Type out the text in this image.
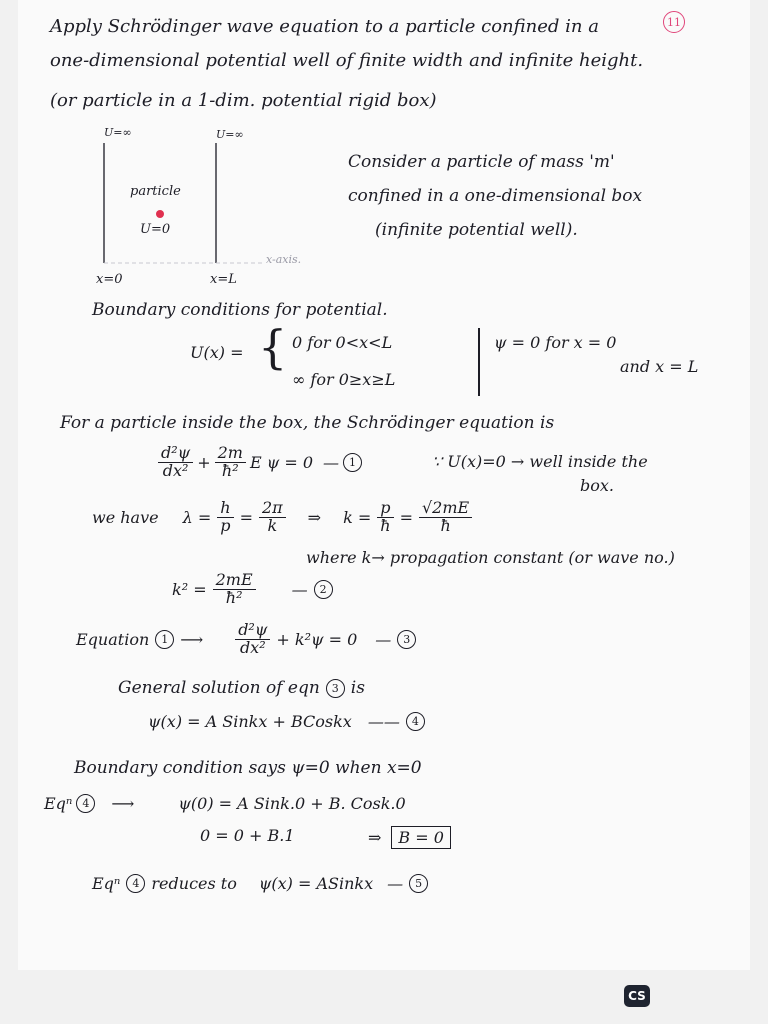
11
Apply Schrödinger wave equation to a particle confined in a
one-dimensional potential well of finite width and infinite height.
(or particle in a 1-dim. potential rigid box)
U=∞	U=∞
particle
U=0
x-axis.
x=0	x=L
Consider a particle of mass 'm'
confined in a one-dimensional box
(infinite potential well).
Boundary conditions for potential.
U(x) = { 0 for 0<x<L
∞ for 0≥x≥L
ψ = 0 for x = 0
and x = L
For a particle inside the box, the Schrödinger equation is
$\frac{\text{d²ψ}}{\text{dx²}} + \frac{2m}{\text{ħ²}}$ E ψ = 0 — 1	∵ U(x)=0 → well inside the
box.
we have $\lambda = \frac{h}{p} = \frac{2\pi}{k}$ ⇒ $k = \frac{p}{ħ} = \frac{√2mE}{ħ}$
where k→ propagation constant (or wave no.)
$k^2 = \frac{2mE}{\text{ħ²}}$ —	2
Equation	1 ⟶ $\frac{\text{d²ψ}}{\text{dx²}} + k^2\psi = 0$ —	3
General solution of eqn	3 is
ψ(x) = A Sinkx + BCoskx ——	4
Boundary condition says ψ=0 when x=0
Eqⁿ 4	⟶	ψ(0) = A Sink.0 + B. Cosk.0
0 = 0 + B.1	⇒	B = 0
Eqⁿ	4 reduces to ψ(x) = ASinkx —	5
CS
